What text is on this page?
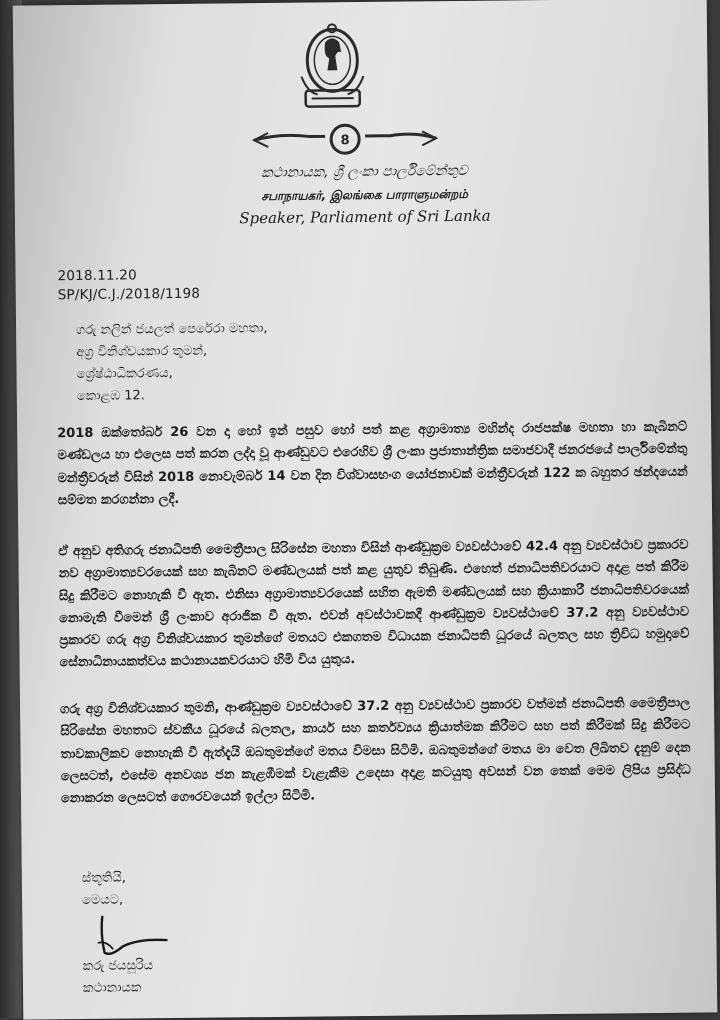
8
කථානායක, ශ්‍රී ලංකා පාර්ලිමේන්තුව
சபாநாயகர், இலங்கை பாராளுமன்றம்
Speaker, Parliament of Sri Lanka
2018.11.20
SP/KJ/C.J./2018/1198
ගරු නලින් ජයලත් පෙරේරා මහතා,
අග්‍ර විනිශ්චයකාර තුමන්,
ශ්‍රේෂ්ඨාධිකරණය,
කොළඹ 12.
2018 ඔක්තෝබර් 26 වන දා හෝ ඉන් පසුව හෝ පත් කළ අග්‍රාමාත්‍ය මහින්ද රාජපක්ෂ මහතා හා කැබිනට් මණ්ඩලය හා එලෙස පත් කරන ලද්දා වූ ආණ්ඩුවට එරෙහිව ශ්‍රී ලංකා ප්‍රජාතාන්ත්‍රික සමාජවාදී ජනරජයේ පාර්ලිමේන්තු මන්ත්‍රීවරුන් විසින් 2018 නොවැම්බර් 14 වන දින විශ්වාසභංග යෝජනාවක් මන්ත්‍රීවරුන් 122 ක බහුතර ඡන්දයෙන් සම්මත කරගන්නා ලදී.
ඒ අනුව අතිගරු ජනාධිපති මෛත්‍රීපාල සිරිසේන මහතා විසින් ආණ්ඩුක්‍රම ව්‍යවස්ථාවේ 42.4 අනු ව්‍යවස්ථාව ප්‍රකාරව නව අග්‍රාමාත්‍යවරයෙක් සහ කැබිනට් මණ්ඩලයක් පත් කළ යුතුව තිබුණි. එහෙත් ජනාධිපතිවරයාට අදාළ පත් කිරීම සිදු කිරීමට නොහැකි වී ඇත. එනිසා අග්‍රාමාත්‍යවරයෙක් සහිත ඇමති මණ්ඩලයක් සහ ක්‍රියාකාරී ජනාධිපතිවරයෙක් නොමැති වීමෙන් ශ්‍රී ලංකාව අරාජික වී ඇත. එවන් අවස්ථාවකදී ආණ්ඩුක්‍රම ව්‍යවස්ථාවේ 37.2 අනු ව්‍යවස්ථාව ප්‍රකාරව ගරු අග්‍ර විනිශ්චයකාර තුමන්ගේ මතයට එකගතම විධායක ජනාධිපති ධූරයේ බලතල සහ ත්‍රිවිධ හමුදාවේ සේනාධිනායකත්වය කථානායකවරයාට හිමි විය යුතුය.
ගරු අග්‍ර විනිශ්චයකාර තුමනි, ආණ්ඩුක්‍රම ව්‍යවස්ථාවේ 37.2 අනු ව්‍යවස්ථාව ප්‍රකාරව වත්මන් ජනාධිපති මෛත්‍රීපාල සිරිසේන මහතාට ස්වකීය ධූරයේ බලතල, කාර්ය සහ කර්තව්‍යය ක්‍රියාත්මක කිරීමට සහ පත් කිරීමක් සිදු කිරීමට තාවකාලිකව නොහැකි වී ඇත්දැයි ඔබතුමන්ගේ මතය විමසා සිටිමි. ඔබතුමන්ගේ මතය මා වෙත ලිඛිතව දැනුම් දෙන ලෙසටත්, එසේම අනවශ්‍ය ජන කැළඹීමක් වැළැකීම උදෙසා අදාළ කටයුතු අවසන් වන තෙක් මෙම ලිපිය ප්‍රසිද්ධ නොකරන ලෙසටත් ගෞරවයෙන් ඉල්ලා සිටිමි.
ස්තූතියි,
මෙයට,
කරු ජයසූරිය
කථානායක
